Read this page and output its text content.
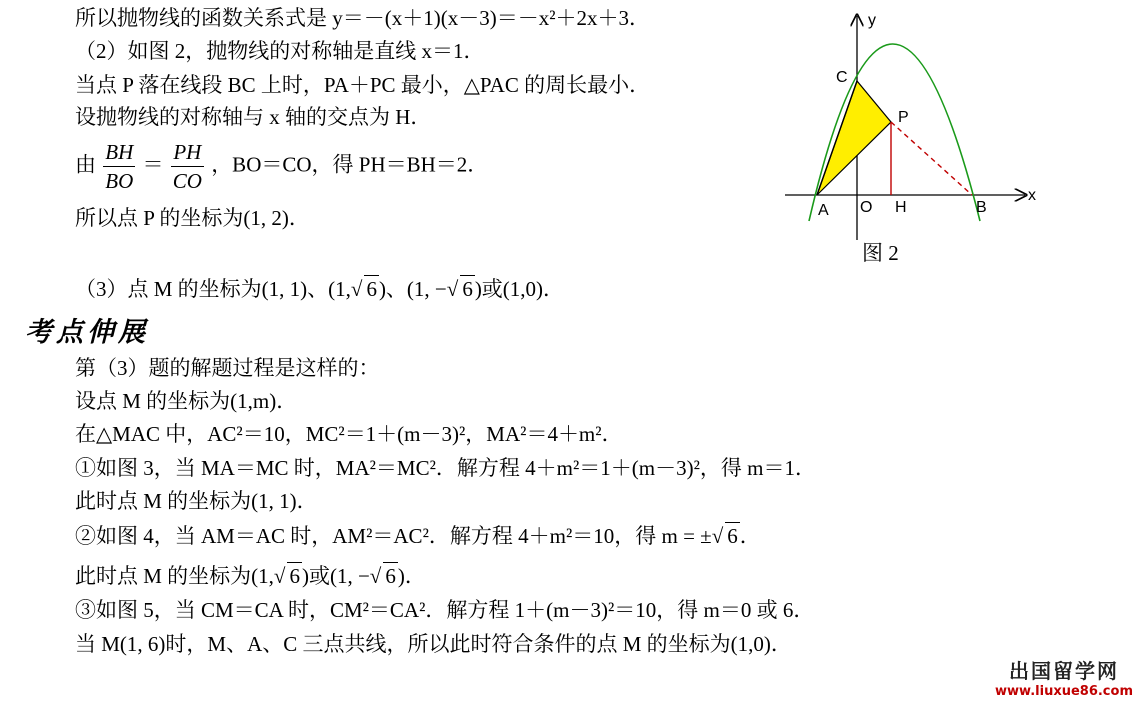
所以抛物线的函数关系式是 y＝－(x＋1)(x－3)＝－x²＋2x＋3．
（2）如图 2，抛物线的对称轴是直线 x＝1．
当点 P 落在线段 BC 上时，PA＋PC 最小，△PAC 的周长最小．
设抛物线的对称轴与 x 轴的交点为 H．
由 $\frac{BH}{BO} = \frac{PH}{CO}$ ，BO＝CO，得 PH＝BH＝2．
所以点 P 的坐标为(1, 2)．
（3）点 M 的坐标为(1, 1)、(1,√ 6)、(1, −√ 6)或(1,0)．
考点伸展
第（3）题的解题过程是这样的：
设点 M 的坐标为(1,m)．
在△MAC 中，AC²＝10，MC²＝1＋(m－3)²，MA²＝4＋m²．
①如图 3，当 MA＝MC 时，MA²＝MC²．解方程 4＋m²＝1＋(m－3)²，得 m＝1．
此时点 M 的坐标为(1, 1)．
②如图 4，当 AM＝AC 时，AM²＝AC²．解方程 4＋m²＝10，得 m = ±√ 6．
此时点 M 的坐标为(1,√ 6)或(1, −√ 6)．
③如图 5，当 CM＝CA 时，CM²＝CA²．解方程 1＋(m－3)²＝10，得 m＝0 或 6．
当 M(1, 6)时，M、A、C 三点共线，所以此时符合条件的点 M 的坐标为(1,0)．
y
x
C
P
A O H	B
图 2
出国留学网
www.liuxue86.com
